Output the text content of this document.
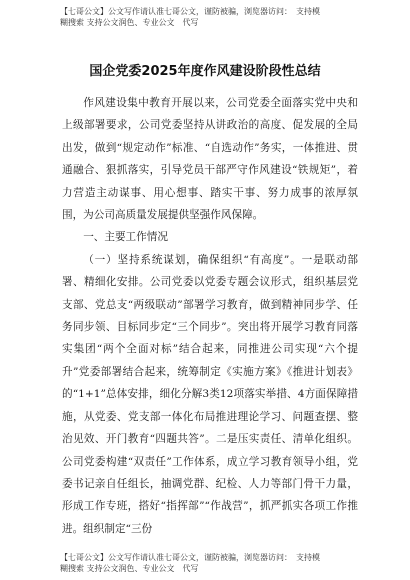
【七哥公文】公文写作请认准七哥公文，谨防被骗，浏览器访问：　支持模
糊搜索 支持公文润色、专业公文　代写
国企党委2025年度作风建设阶段性总结

作风建设集中教育开展以来，公司党委全面落实党中央和上级部署要求，公司党委坚持从讲政治的高度、促发展的全局出发，做到“规定动作”标准、“自选动作”务实，一体推进、贯通融合、狠抓落实，引导党员干部严守作风建设“铁规矩”，着力营造主动谋事、用心想事、踏实干事、努力成事的浓厚氛围，为公司高质量发展提供坚强作风保障。

一、主要工作情况

（一）坚持系统谋划，确保组织“有高度”。一是联动部署、精细化安排。公司党委以党委专题会议形式，组织基层党支部、党总支“两级联动”部署学习教育，做到精神同步学、任务同步领、目标同步定“三个同步”。突出将开展学习教育同落实集团“两个全面对标”结合起来，同推进公司实现“六个提升”党委部署结合起来，统筹制定《实施方案》《推进计划表》的“1+1”总体安排，细化分解3类12项落实举措、4方面保障措施，从党委、党支部一体化布局推进理论学习、问题查摆、整治见效、开门教育“四题共答”。二是压实责任、清单化组织。公司党委构建“双责任”工作体系，成立学习教育领导小组，党委书记亲自任组长，抽调党群、纪检、人力等部门骨干力量，形成工作专班，搭好“指挥部”“作战营”，抓严抓实各项工作推进。组织制定“三份

【七哥公文】公文写作请认准七哥公文，谨防被骗，浏览器访问：　支持模
糊搜索 支持公文润色、专业公文　代写
